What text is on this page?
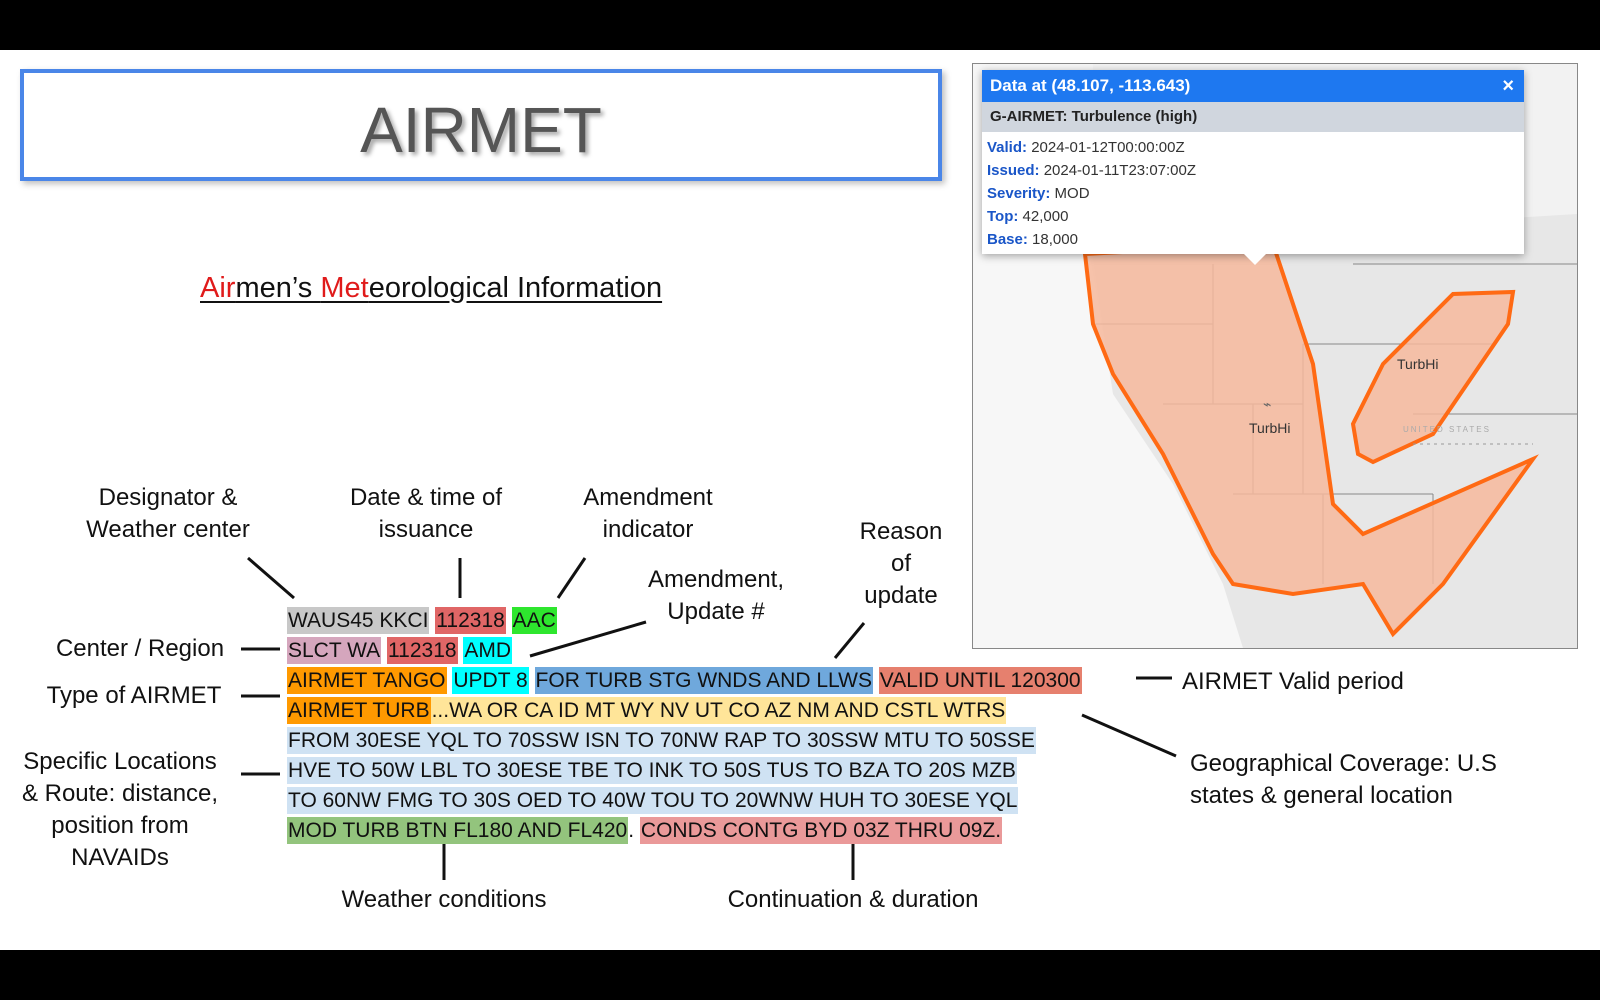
AIRMET
Airmen’s Meteorological Information
Designator &
Weather center
Date & time of
issuance
Amendment
indicator	Reason
of
update
Amendment,
Update #
Center / Region
Type of AIRMET
AIRMET Valid period
Geographical Coverage: U.S
states & general location
Specific Locations
& Route: distance,
position from
NAVAIDs
Weather conditions	Continuation & duration
WAUS45 KKCI 112318 AAC
SLCT WA 112318 AMD
AIRMET TANGO UPDT 8 FOR TURB STG WNDS AND LLWS VALID UNTIL 120300
AIRMET TURB...WA OR CA ID MT WY NV UT CO AZ NM AND CSTL WTRS
FROM 30ESE YQL TO 70SSW ISN TO 70NW RAP TO 30SSW MTU TO 50SSE
HVE TO 50W LBL TO 30ESE TBE TO INK TO 50S TUS TO BZA TO 20S MZB
TO 60NW FMG TO 30S OED TO 40W TOU TO 20WNW HUH TO 30ESE YQL
MOD TURB BTN FL180 AND FL420. CONDS CONTG BYD 03Z THRU 09Z.
TurbHi
TurbHi
UNITED STATES
⌁
Data at (48.107, -113.643)	×
G-AIRMET: Turbulence (high)
Valid: 2024-01-12T00:00:00Z
Issued: 2024-01-11T23:07:00Z
Severity: MOD
Top: 42,000
Base: 18,000
